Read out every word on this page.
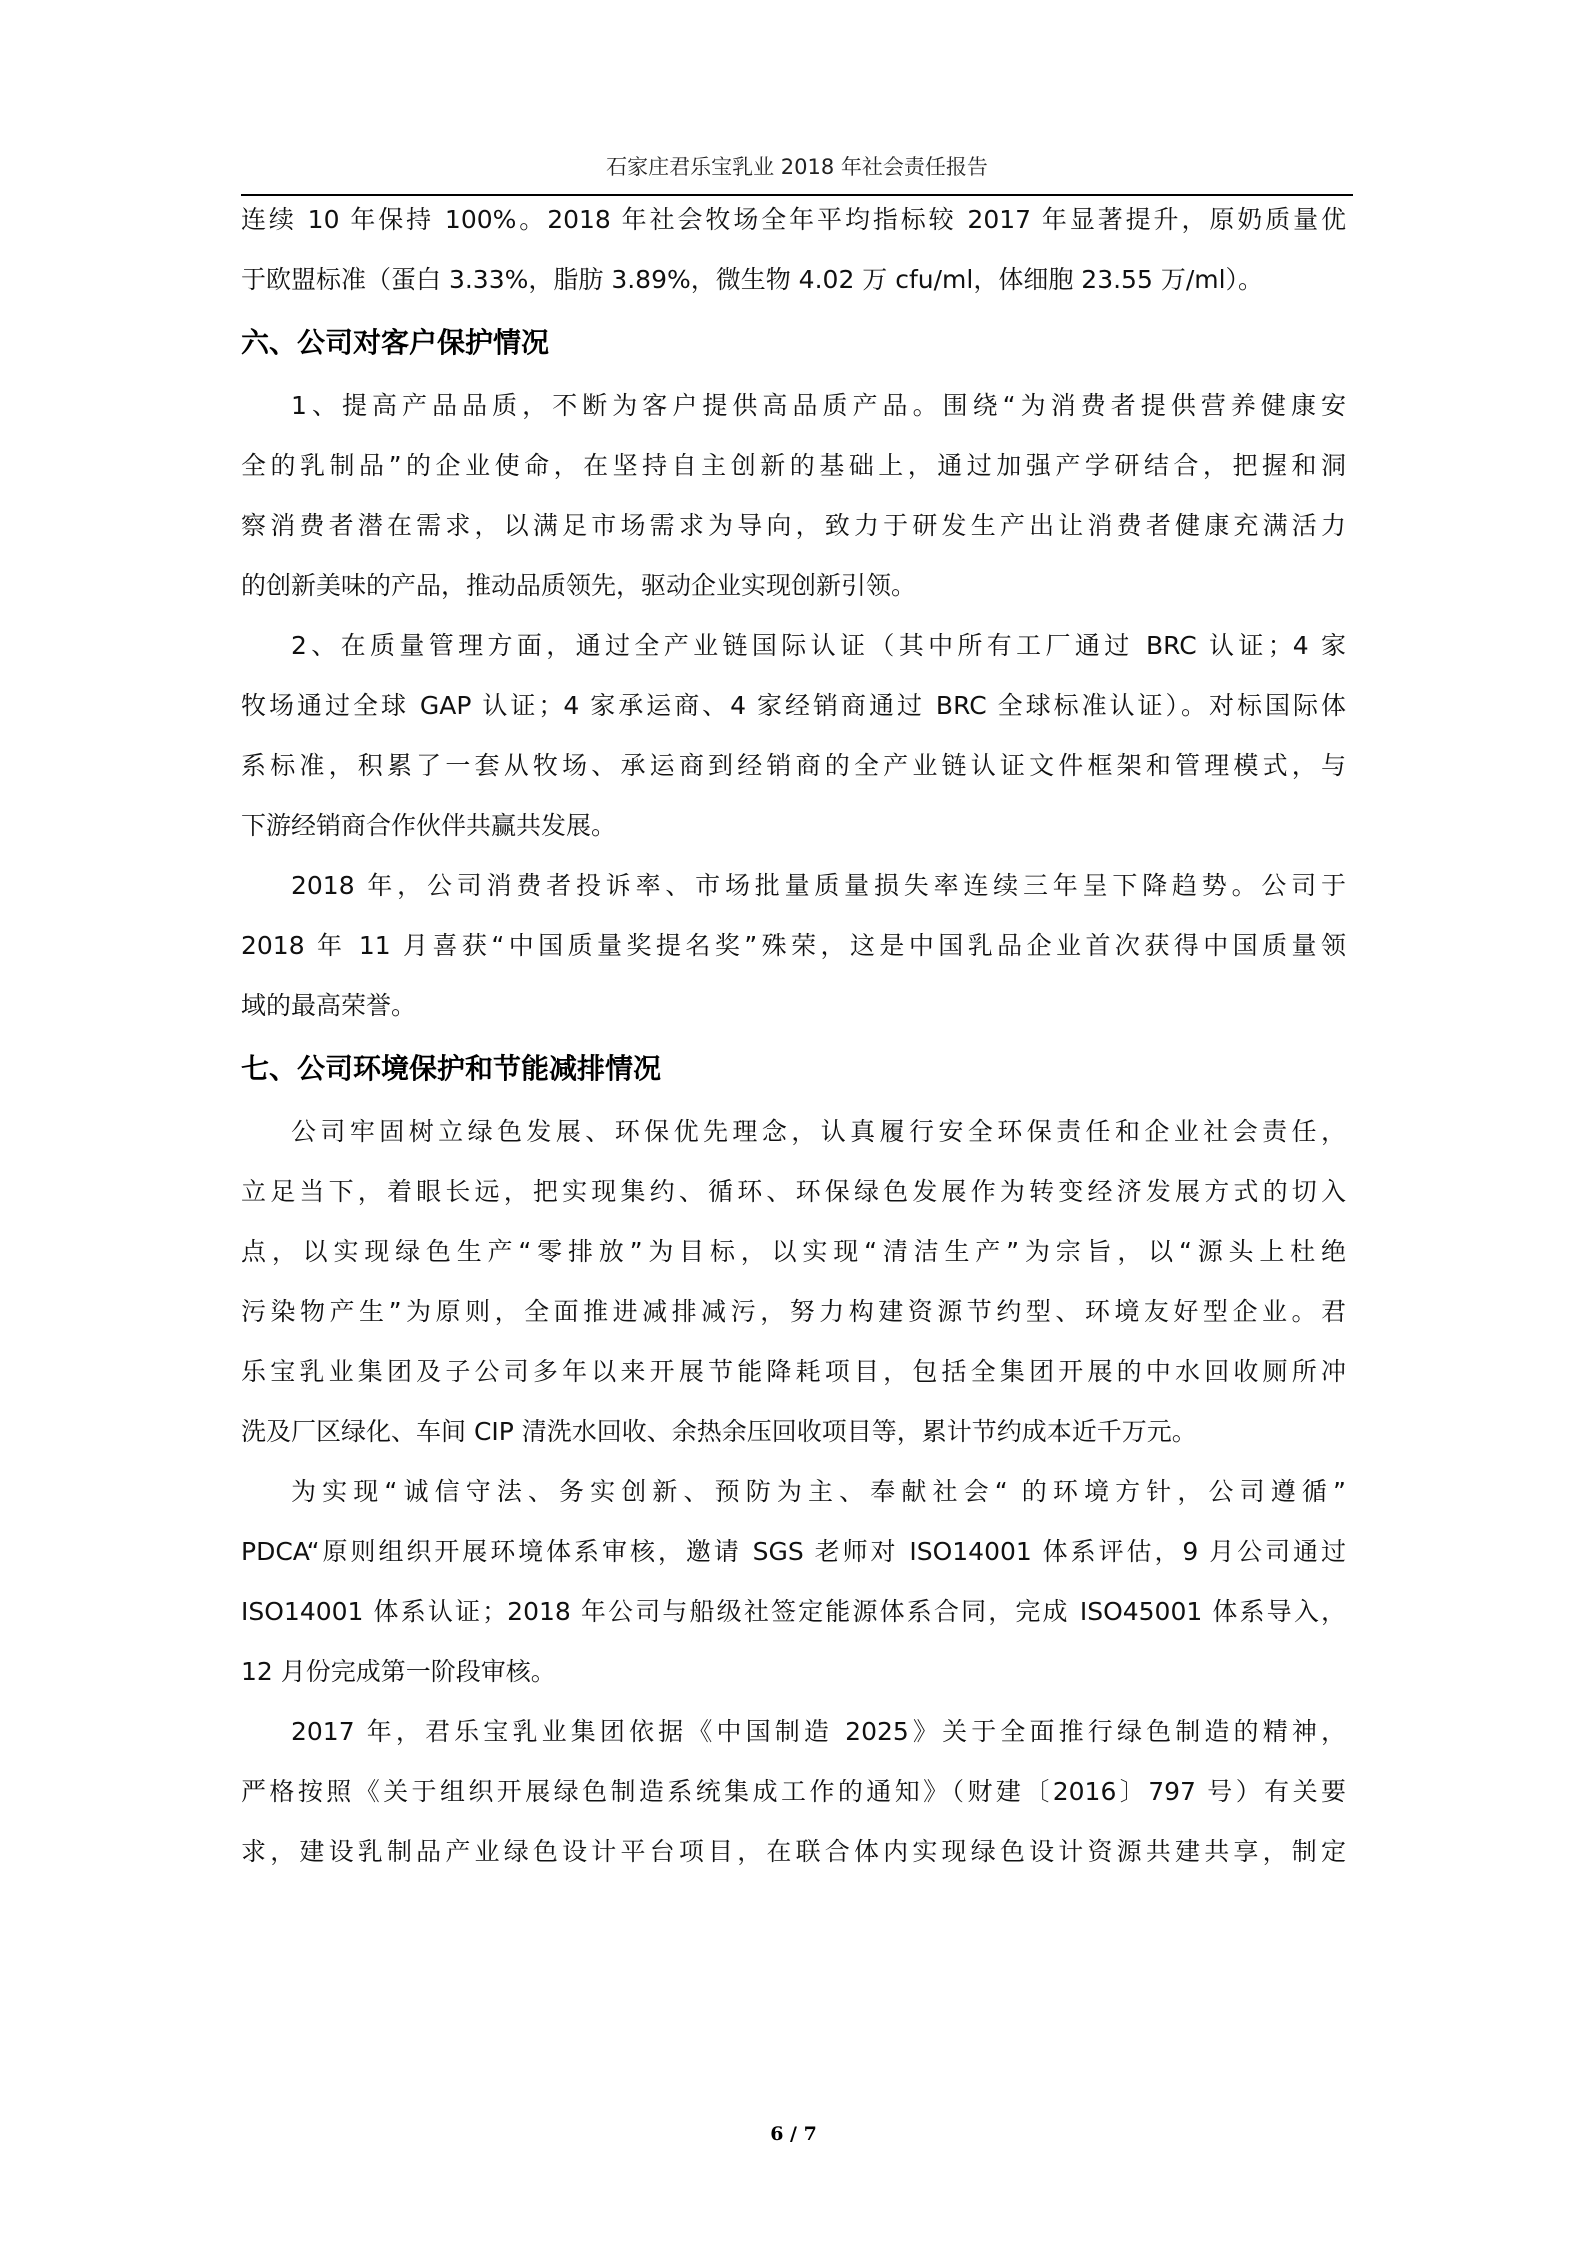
石家庄君乐宝乳业 2018 年社会责任报告
连续 10 年保持 100%。2018 年社会牧场全年平均指标较 2017 年显著提升，原奶质量优
于欧盟标准（蛋白 3.33%，脂肪 3.89%，微生物 4.02 万 cfu/ml，体细胞 23.55 万/ml）。
六、公司对客户保护情况
1、提高产品品质，不断为客户提供高品质产品。围绕“为消费者提供营养健康安
全的乳制品”的企业使命，在坚持自主创新的基础上，通过加强产学研结合，把握和洞
察消费者潜在需求，以满足市场需求为导向，致力于研发生产出让消费者健康充满活力
的创新美味的产品，推动品质领先，驱动企业实现创新引领。
2、在质量管理方面，通过全产业链国际认证（其中所有工厂通过 BRC 认证；4 家
牧场通过全球 GAP 认证；4 家承运商、4 家经销商通过 BRC 全球标准认证）。对标国际体
系标准，积累了一套从牧场、承运商到经销商的全产业链认证文件框架和管理模式，与
下游经销商合作伙伴共赢共发展。
2018 年，公司消费者投诉率、市场批量质量损失率连续三年呈下降趋势。公司于
2018 年 11 月喜获“中国质量奖提名奖”殊荣，这是中国乳品企业首次获得中国质量领
域的最高荣誉。
七、公司环境保护和节能减排情况
公司牢固树立绿色发展、环保优先理念，认真履行安全环保责任和企业社会责任，
立足当下，着眼长远，把实现集约、循环、环保绿色发展作为转变经济发展方式的切入
点，以实现绿色生产“零排放”为目标，以实现“清洁生产”为宗旨，以“源头上杜绝
污染物产生”为原则，全面推进减排减污，努力构建资源节约型、环境友好型企业。君
乐宝乳业集团及子公司多年以来开展节能降耗项目，包括全集团开展的中水回收厕所冲
洗及厂区绿化、车间 CIP 清洗水回收、余热余压回收项目等，累计节约成本近千万元。
为实现“诚信守法、务实创新、预防为主、奉献社会“ 的环境方针，公司遵循”
PDCA“原则组织开展环境体系审核，邀请 SGS 老师对 ISO14001 体系评估，9 月公司通过
ISO14001 体系认证；2018 年公司与船级社签定能源体系合同，完成 ISO45001 体系导入，
12 月份完成第一阶段审核。
2017 年，君乐宝乳业集团依据《中国制造 2025》关于全面推行绿色制造的精神，
严格按照《关于组织开展绿色制造系统集成工作的通知》（财建〔2016〕797 号）有关要
求，建设乳制品产业绿色设计平台项目，在联合体内实现绿色设计资源共建共享，制定
6 / 7
